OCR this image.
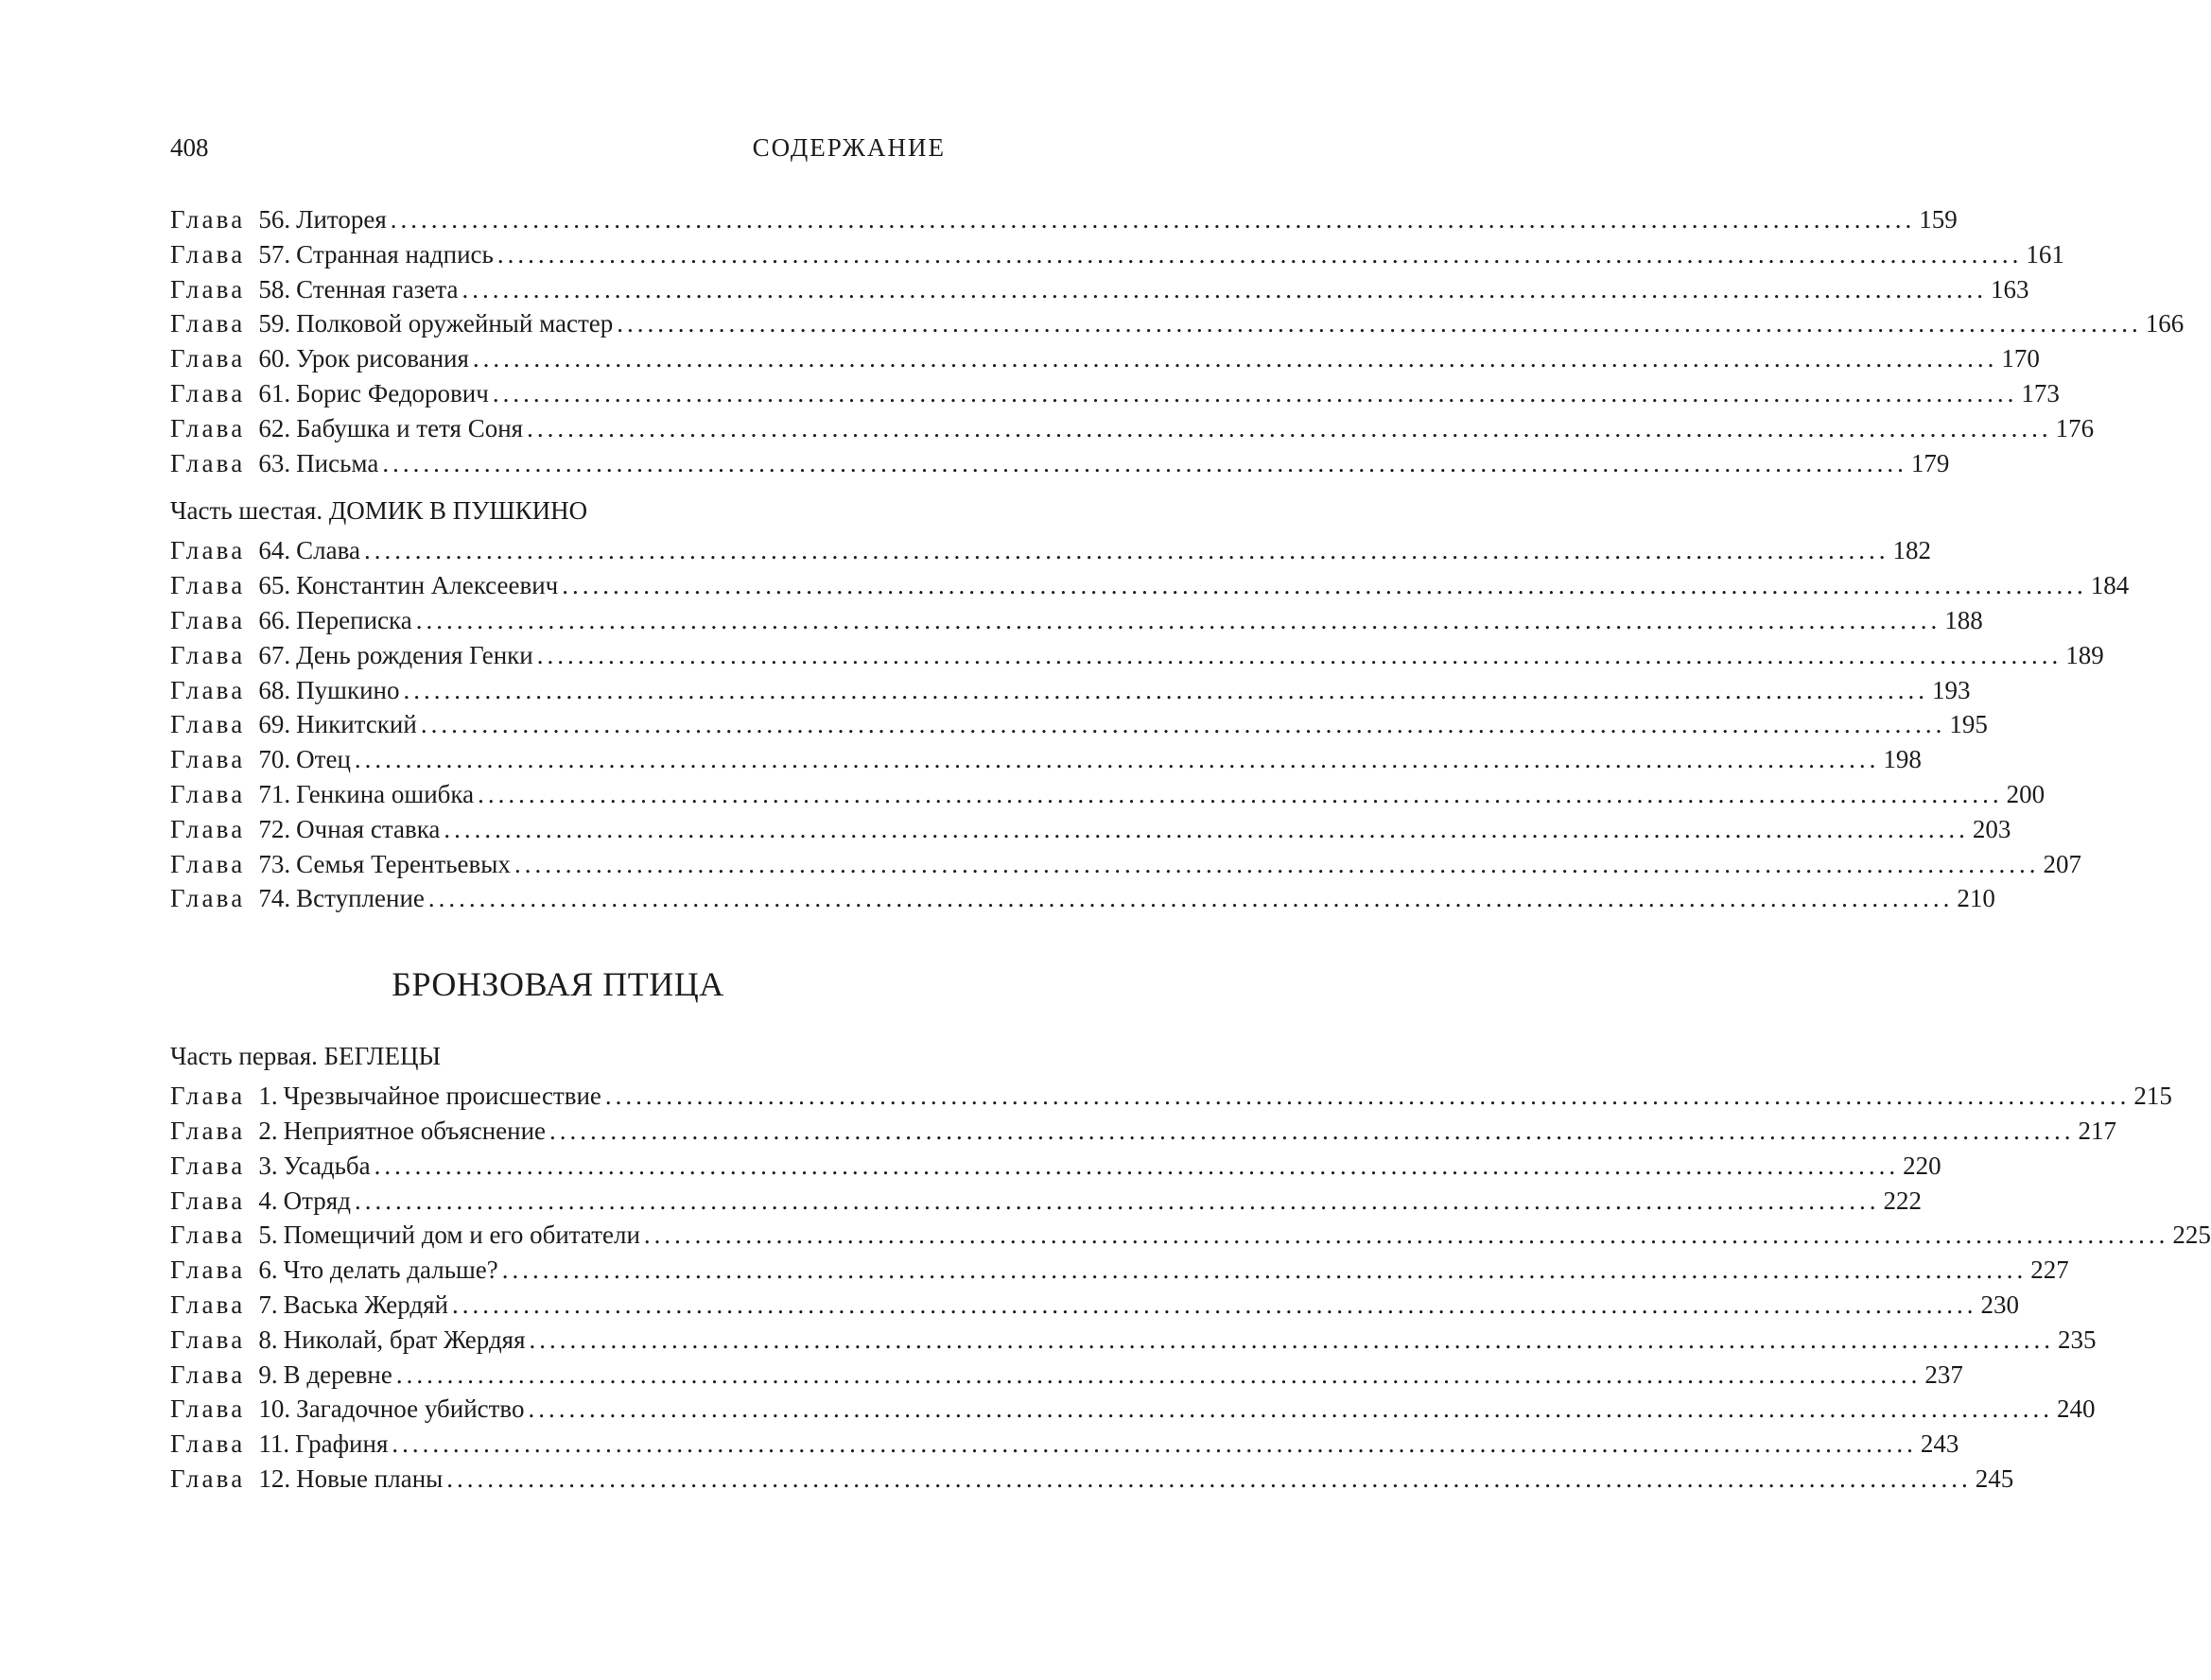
408	СОДЕРЖАНИЕ
Глава 56. Литорея ...................................................................................................................................................... 159
Глава 57. Странная надпись ...................................................................................................................................................... 161
Глава 58. Стенная газета ...................................................................................................................................................... 163
Глава 59. Полковой оружейный мастер ...................................................................................................................................................... 166
Глава 60. Урок рисования ...................................................................................................................................................... 170
Глава 61. Борис Федорович ...................................................................................................................................................... 173
Глава 62. Бабушка и тетя Соня ...................................................................................................................................................... 176
Глава 63. Письма ...................................................................................................................................................... 179
Часть шестая. ДОМИК В ПУШКИНО
Глава 64. Слава ...................................................................................................................................................... 182
Глава 65. Константин Алексеевич ...................................................................................................................................................... 184
Глава 66. Переписка ...................................................................................................................................................... 188
Глава 67. День рождения Генки ...................................................................................................................................................... 189
Глава 68. Пушкино ...................................................................................................................................................... 193
Глава 69. Никитский ...................................................................................................................................................... 195
Глава 70. Отец ...................................................................................................................................................... 198
Глава 71. Генкина ошибка ...................................................................................................................................................... 200
Глава 72. Очная ставка ...................................................................................................................................................... 203
Глава 73. Семья Терентьевых ...................................................................................................................................................... 207
Глава 74. Вступление ...................................................................................................................................................... 210
БРОНЗОВАЯ ПТИЦА
Часть первая. БЕГЛЕЦЫ
Глава 1. Чрезвычайное происшествие ...................................................................................................................................................... 215
Глава 2. Неприятное объяснение ...................................................................................................................................................... 217
Глава 3. Усадьба ...................................................................................................................................................... 220
Глава 4. Отряд ...................................................................................................................................................... 222
Глава 5. Помещичий дом и его обитатели ...................................................................................................................................................... 225
Глава 6. Что делать дальше? ...................................................................................................................................................... 227
Глава 7. Васька Жердяй ...................................................................................................................................................... 230
Глава 8. Николай, брат Жердяя ...................................................................................................................................................... 235
Глава 9. В деревне ...................................................................................................................................................... 237
Глава 10. Загадочное убийство ...................................................................................................................................................... 240
Глава 11. Графиня ...................................................................................................................................................... 243
Глава 12. Новые планы ...................................................................................................................................................... 245
